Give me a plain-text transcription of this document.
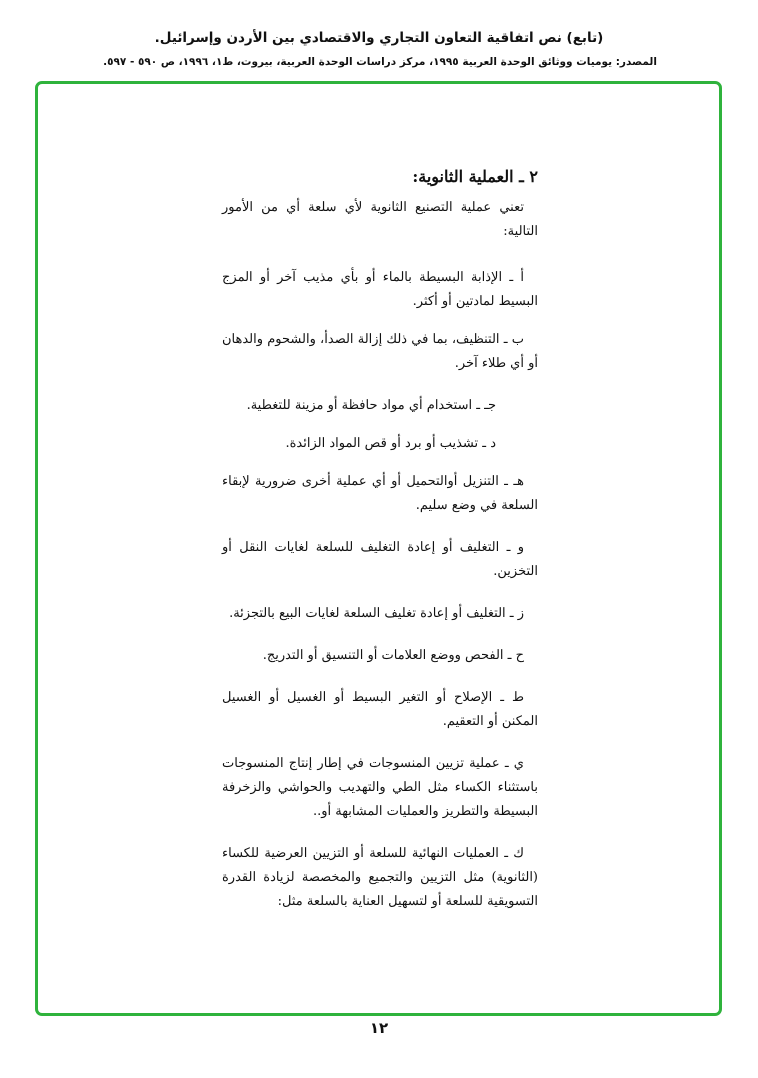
(تابع) نص اتفاقية التعاون التجاري والاقتصادي بين الأردن وإسرائيل.
المصدر: يوميات ووثائق الوحدة العربية ١٩٩٥، مركز دراسات الوحدة العربية، بيروت، ط١، ١٩٩٦، ص ٥٩٠ - ٥٩٧.
٢ ـ العملية الثانوية:

تعني عملية التصنيع الثانوية لأي سلعة أي من الأمور التالية:

أ ـ الإذابة البسيطة بالماء أو بأي مذيب آخر أو المزج البسيط لمادتين أو أكثر.

ب ـ التنظيف، بما في ذلك إزالة الصدأ، والشحوم والدهان أو أي طلاء آخر.

جـ ـ استخدام أي مواد حافظة أو مزينة للتغطية.

د ـ تشذيب أو برد أو قص المواد الزائدة.

هـ ـ التنزيل أوالتحميل أو أي عملية أخرى ضرورية لإبقاء السلعة في وضع سليم.

و ـ التغليف أو إعادة التغليف للسلعة لغايات النقل أو التخزين.

ز ـ التغليف أو إعادة تغليف السلعة لغايات البيع بالتجزئة.

ح ـ الفحص ووضع العلامات أو التنسيق أو التدريج.

ط ـ الإصلاح أو التغير البسيط أو الغسيل أو الغسيل المكنن أو التعقيم.

ي ـ عملية تزيين المنسوجات في إطار إنتاج المنسوجات باستثناء الكساء مثل الطي والتهديب والحواشي والزخرفة البسيطة والتطريز والعمليات المشابهة أو..

ك ـ العمليات النهائية للسلعة أو التزيين العرضية للكساء (الثانوية) مثل التزيين والتجميع والمخصصة لزيادة القدرة التسويقية للسلعة أو لتسهيل العناية بالسلعة مثل:

١٢
